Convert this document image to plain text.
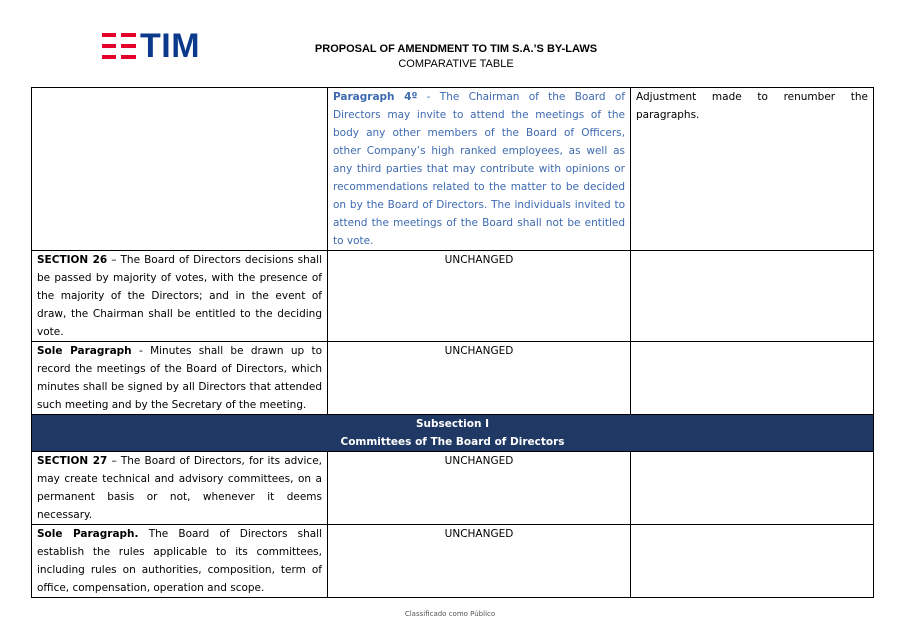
TIM	PROPOSAL OF AMENDMENT TO TIM S.A.’S BY-LAWS
COMPARATIVE TABLE
	Paragraph 4º - The Chairman of the Board of Directors may invite to attend the meetings of the body any other members of the Board of Officers, other Company’s high ranked employees, as well as any third parties that may contribute with opinions or recommendations related to the matter to be decided on by the Board of Directors. The individuals invited to attend the meetings of the Board shall not be entitled to vote.	Adjustment made to renumber the paragraphs.
SECTION 26 – The Board of Directors decisions shall be passed by majority of votes, with the presence of the majority of the Directors; and in the event of draw, the Chairman shall be entitled to the deciding vote.	UNCHANGED	
Sole Paragraph - Minutes shall be drawn up to record the meetings of the Board of Directors, which minutes shall be signed by all Directors that attended such meeting and by the Secretary of the meeting.	UNCHANGED	

Subsection I
Committees of The Board of Directors		

SECTION 27 – The Board of Directors, for its advice, may create technical and advisory committees, on a permanent basis or not, whenever it deems necessary.	UNCHANGED	
Sole Paragraph. The Board of Directors shall establish the rules applicable to its committees, including rules on authorities, composition, term of office, compensation, operation and scope.	UNCHANGED	
Classificado como Público
